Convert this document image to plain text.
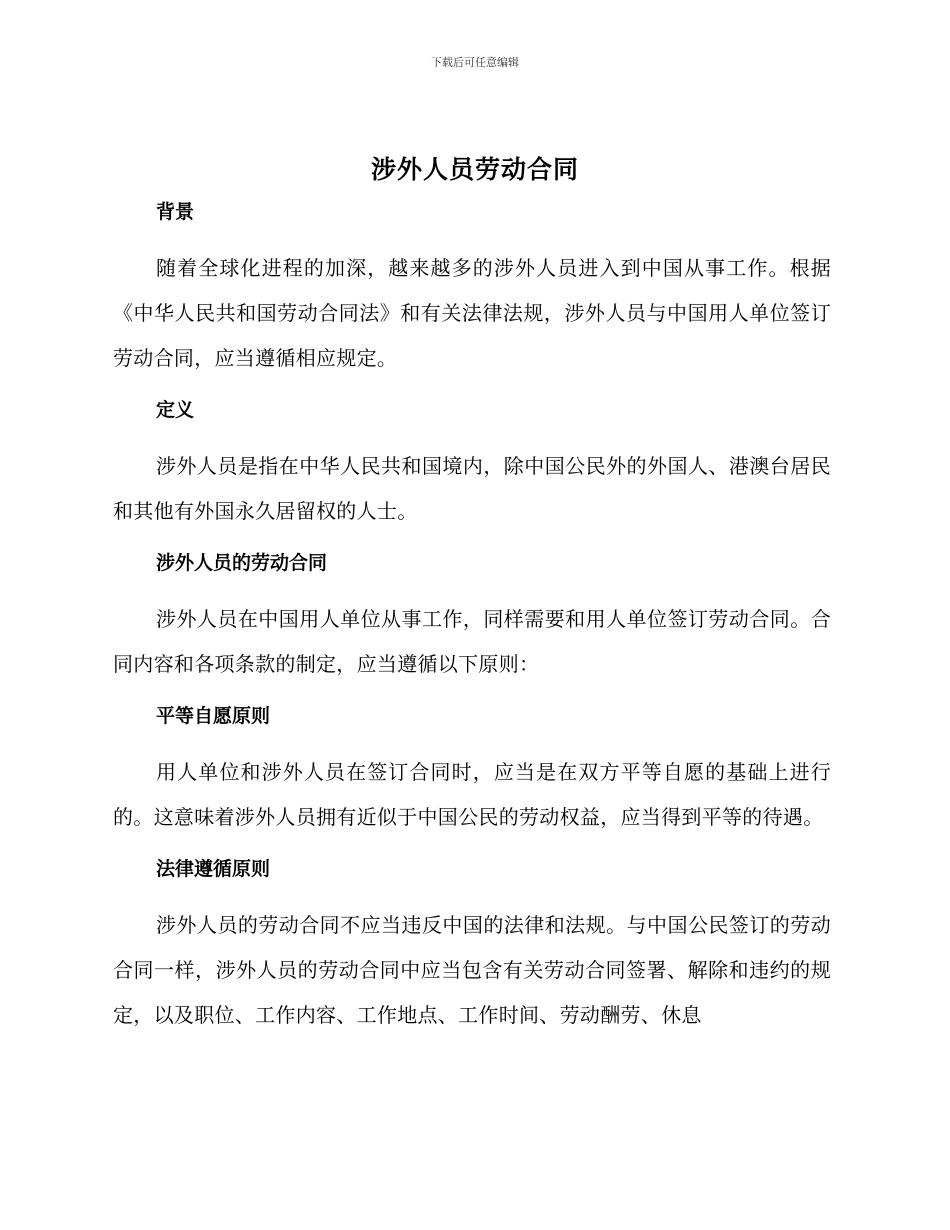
下载后可任意编辑
涉外人员劳动合同
背景

随着全球化进程的加深，越来越多的涉外人员进入到中国从事工作。根据《中华人民共和国劳动合同法》和有关法律法规，涉外人员与中国用人单位签订劳动合同，应当遵循相应规定。

定义

涉外人员是指在中华人民共和国境内，除中国公民外的外国人、港澳台居民和其他有外国永久居留权的人士。

涉外人员的劳动合同

涉外人员在中国用人单位从事工作，同样需要和用人单位签订劳动合同。合同内容和各项条款的制定，应当遵循以下原则：

平等自愿原则

用人单位和涉外人员在签订合同时，应当是在双方平等自愿的基础上进行的。这意味着涉外人员拥有近似于中国公民的劳动权益，应当得到平等的待遇。

法律遵循原则

涉外人员的劳动合同不应当违反中国的法律和法规。与中国公民签订的劳动合同一样，涉外人员的劳动合同中应当包含有关劳动合同签署、解除和违约的规定，以及职位、工作内容、工作地点、工作时间、劳动酬劳、休息
